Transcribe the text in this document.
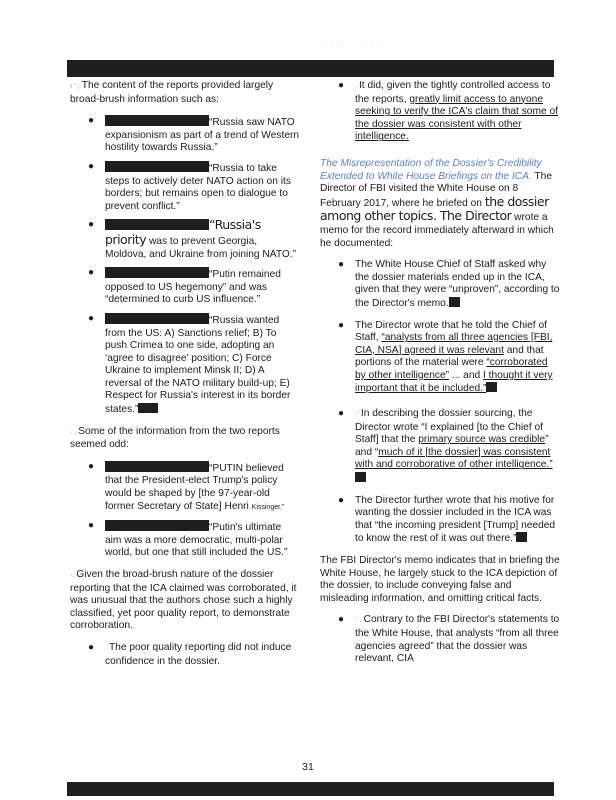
· · · ; · · · · · · · ·

‹ ‘ ; The content of the reports provided largely broad-brush information such as:

●	“Russia saw NATO expansionism as part of a trend of Western hostility towards Russia.”
●	“Russia to take steps to actively deter NATO action on its borders; but remains open to dialogue to prevent conflict.”
●	“Russia's priority was to prevent Georgia, Moldova, and Ukraine from joining NATO.”
●	“Putin remained opposed to US hegemony” and was “determined to curb US influence.”
●	“Russia wanted from the US: A) Sanctions relief; B) To push Crimea to one side, adopting an ‘agree to disagree’ position; C) Force Ukraine to implement Minsk II; D) A reversal of the NATO military build-up; E) Respect for Russia's interest in its border states.”

· . Some of the information from the two reports seemed odd:

●	“PUTIN believed that the President-elect Trump's policy would be shaped by [the 97-year-old former Secretary of State] Henri Kissinger.”
●	“Putin's ultimate aim was a more democratic, multi-polar world, but one that still included the US.”

·. Given the broad-brush nature of the dossier reporting that the ICA claimed was corroborated, it was unusual that the authors chose such a highly classified, yet poor quality report, to demonstrate corroboration.

● . The poor quality reporting did not induce confidence in the dossier.
● . It did, given the tightly controlled access to the reports, greatly limit access to anyone seeking to verify the ICA's claim that some of the dossier was consistent with other intelligence.

The Misrepresentation of the Dossier's Credibility Extended to White House Briefings on the ICA. The Director of FBI visited the White House on 8 February 2017, where he briefed on the dossier among other topics. The Director wrote a memo for the record immediately afterward in which he documented:

● The White House Chief of Staff asked why the dossier materials ended up in the ICA, given that they were “unproven”, according to the Director's memo.
● The Director wrote that he told the Chief of Staff, “analysts from all three agencies [FBI, CIA, NSA] agreed it was relevant and that portions of the material were “corroborated by other intelligence” ... and I thought it very important that it be included.”
● ·’ In describing the dossier sourcing, the Director wrote “I explained [to the Chief of Staff] that the primary source was credible” and “much of it [the dossier] was consistent with and corroborative of other intelligence.”
● The Director further wrote that his motive for wanting the dossier included in the ICA was that “the incoming president [Trump] needed to know the rest of it was out there.”

The FBI Director's memo indicates that in briefing the White House, he largely stuck to the ICA depiction of the dossier, to include conveying false and misleading information, and omitting critical facts.

● ·˙. Contrary to the FBI Director's statements to the White House, that analysts “from all three agencies agreed” that the dossier was relevant, CIA
31
